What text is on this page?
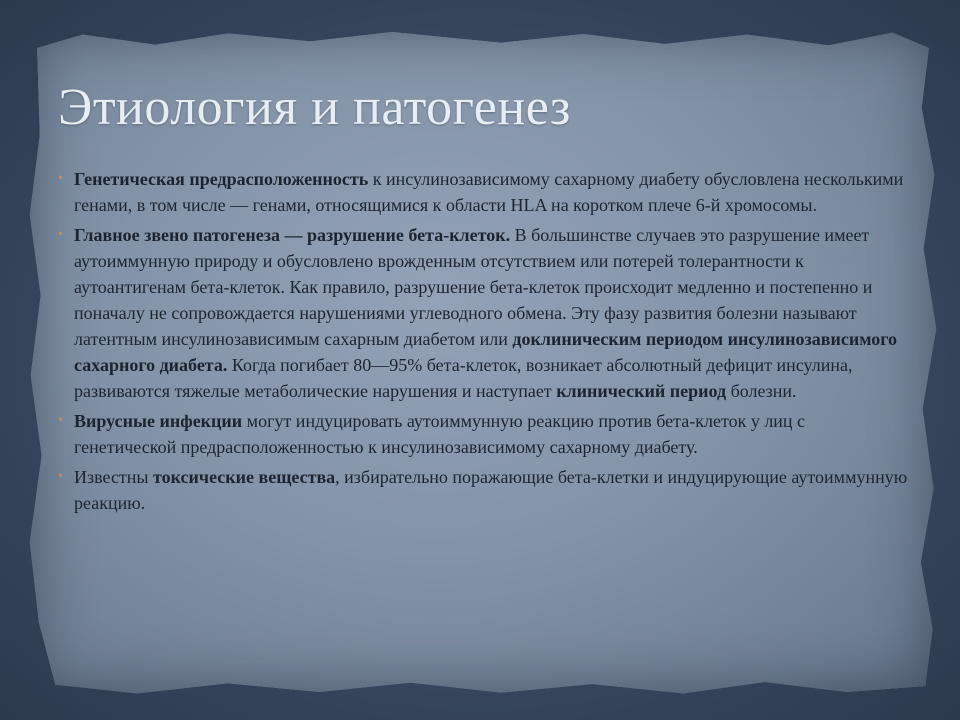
Этиология и патогенез
• Генетическая предрасположенность к инсулинозависимому сахарному диабету обусловлена несколькими генами, в том числе — генами, относящимися к области HLA на коротком плече 6-й хромосомы.
• Главное звено патогенеза — разрушение бета-клеток. В большинстве случаев это разрушение имеет аутоиммунную природу и обусловлено врожденным отсутствием или потерей толерантности к аутоантигенам бета-клеток. Как правило, разрушение бета-клеток происходит медленно и постепенно и поначалу не сопровождается нарушениями углеводного обмена. Эту фазу развития болезни называют латентным инсулинозависимым сахарным диабетом или доклиническим периодом инсулинозависимого сахарного диабета. Когда погибает 80—95% бета-клеток, возникает абсолютный дефицит инсулина, развиваются тяжелые метаболические нарушения и наступает клинический период болезни.
• Вирусные инфекции могут индуцировать аутоиммунную реакцию против бета-клеток у лиц с генетической предрасположенностью к инсулинозависимому сахарному диабету.
• Известны токсические вещества, избирательно поражающие бета-клетки и индуцирующие аутоиммунную реакцию.
